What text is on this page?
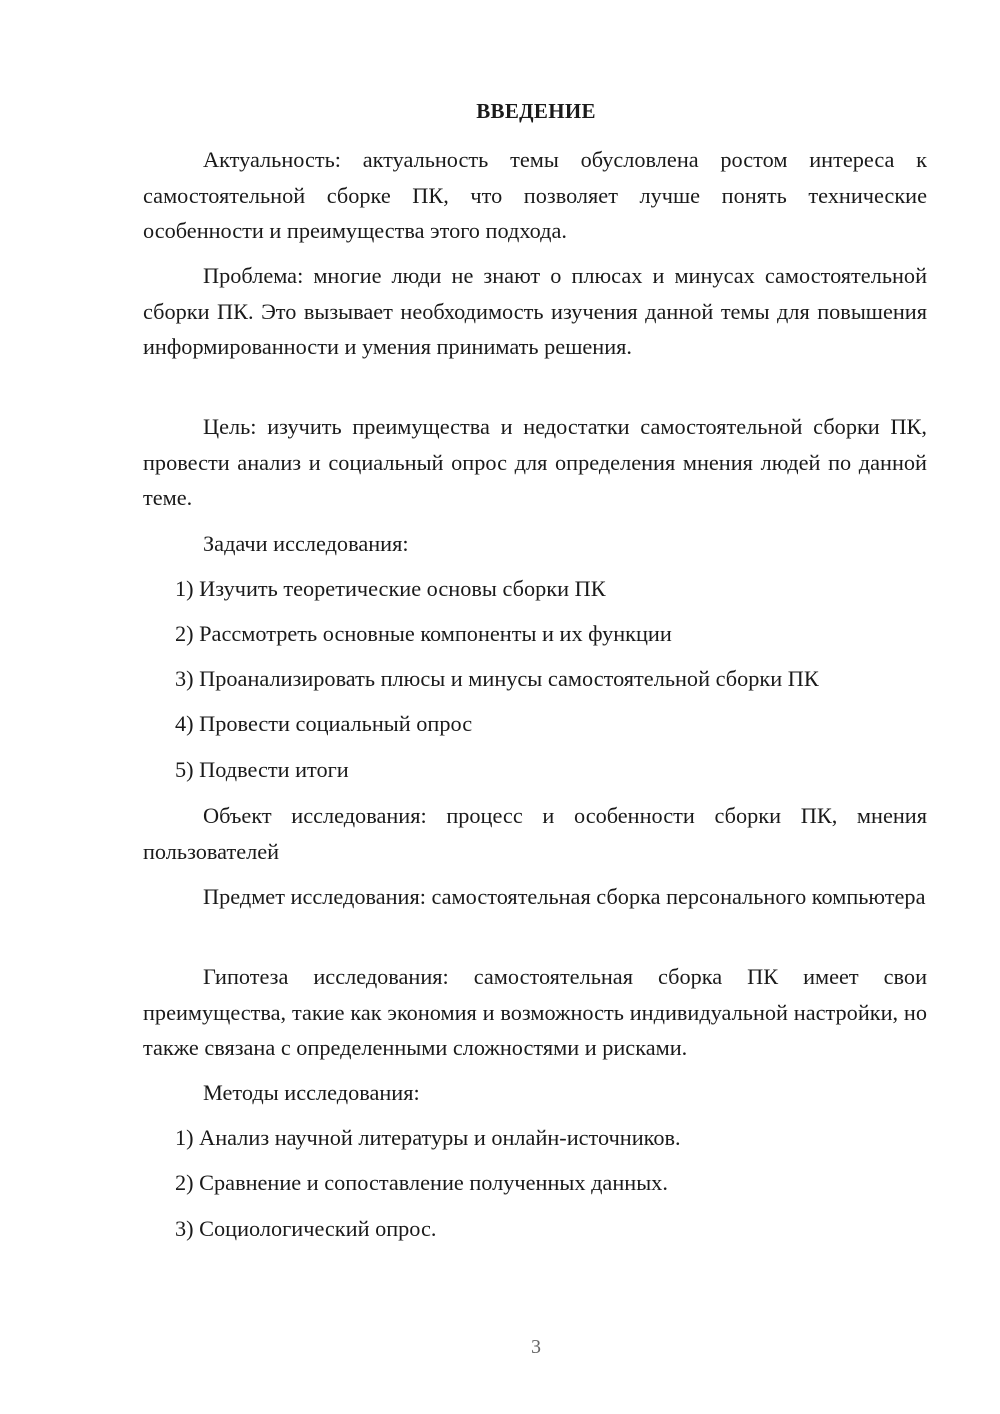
ВВЕДЕНИЕ

Актуальность: актуальность темы обусловлена ростом интереса к самостоятельной сборке ПК, что позволяет лучше понять технические особенности и преимущества этого подхода.

Проблема: многие люди не знают о плюсах и минусах самостоятельной сборки ПК. Это вызывает необходимость изучения данной темы для повышения информированности и умения принимать решения.

Цель: изучить преимущества и недостатки самостоятельной сборки ПК, провести анализ и социальный опрос для определения мнения людей по данной теме.

Задачи исследования:

1) Изучить теоретические основы сборки ПК

2) Рассмотреть основные компоненты и их функции

3) Проанализировать плюсы и минусы самостоятельной сборки ПК

4) Провести социальный опрос

5) Подвести итоги

Объект исследования: процесс и особенности сборки ПК, мнения пользователей

Предмет исследования: самостоятельная сборка персонального компьютера

Гипотеза исследования: самостоятельная сборка ПК имеет свои преимущества, такие как экономия и возможность индивидуальной настройки, но также связана с определенными сложностями и рисками.

Методы исследования:

1) Анализ научной литературы и онлайн-источников.

2) Сравнение и сопоставление полученных данных.

3) Социологический опрос.

3
